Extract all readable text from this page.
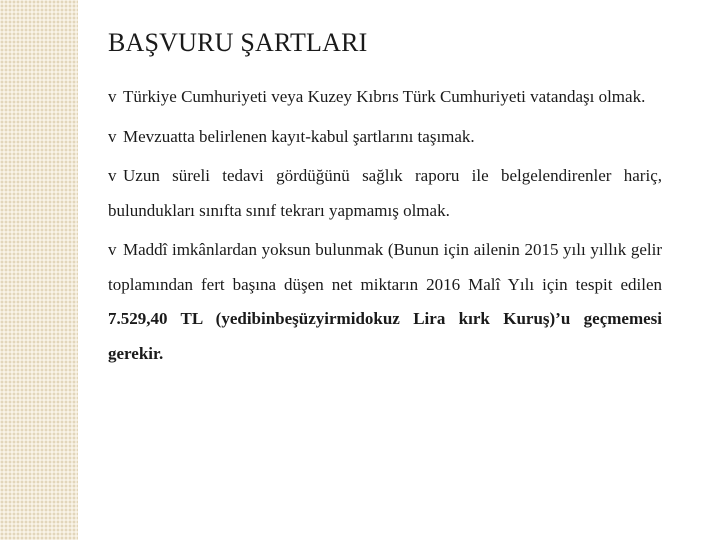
BAŞVURU ŞARTLARI
v Türkiye Cumhuriyeti veya Kuzey Kıbrıs Türk Cumhuriyeti vatandaşı olmak.
v Mevzuatta belirlenen kayıt-kabul şartlarını taşımak.
v Uzun süreli tedavi gördüğünü sağlık raporu ile belgelendirenler hariç, bulundukları sınıfta sınıf tekrarı yapmamış olmak.
v Maddî imkânlardan yoksun bulunmak (Bunun için ailenin 2015 yılı yıllık gelir toplamından fert başına düşen net miktarın 2016 Malî Yılı için tespit edilen 7.529,40 TL (yedibinbeşüzyirmidokuz Lira kırk Kuruş)’u geçmemesi gerekir.
